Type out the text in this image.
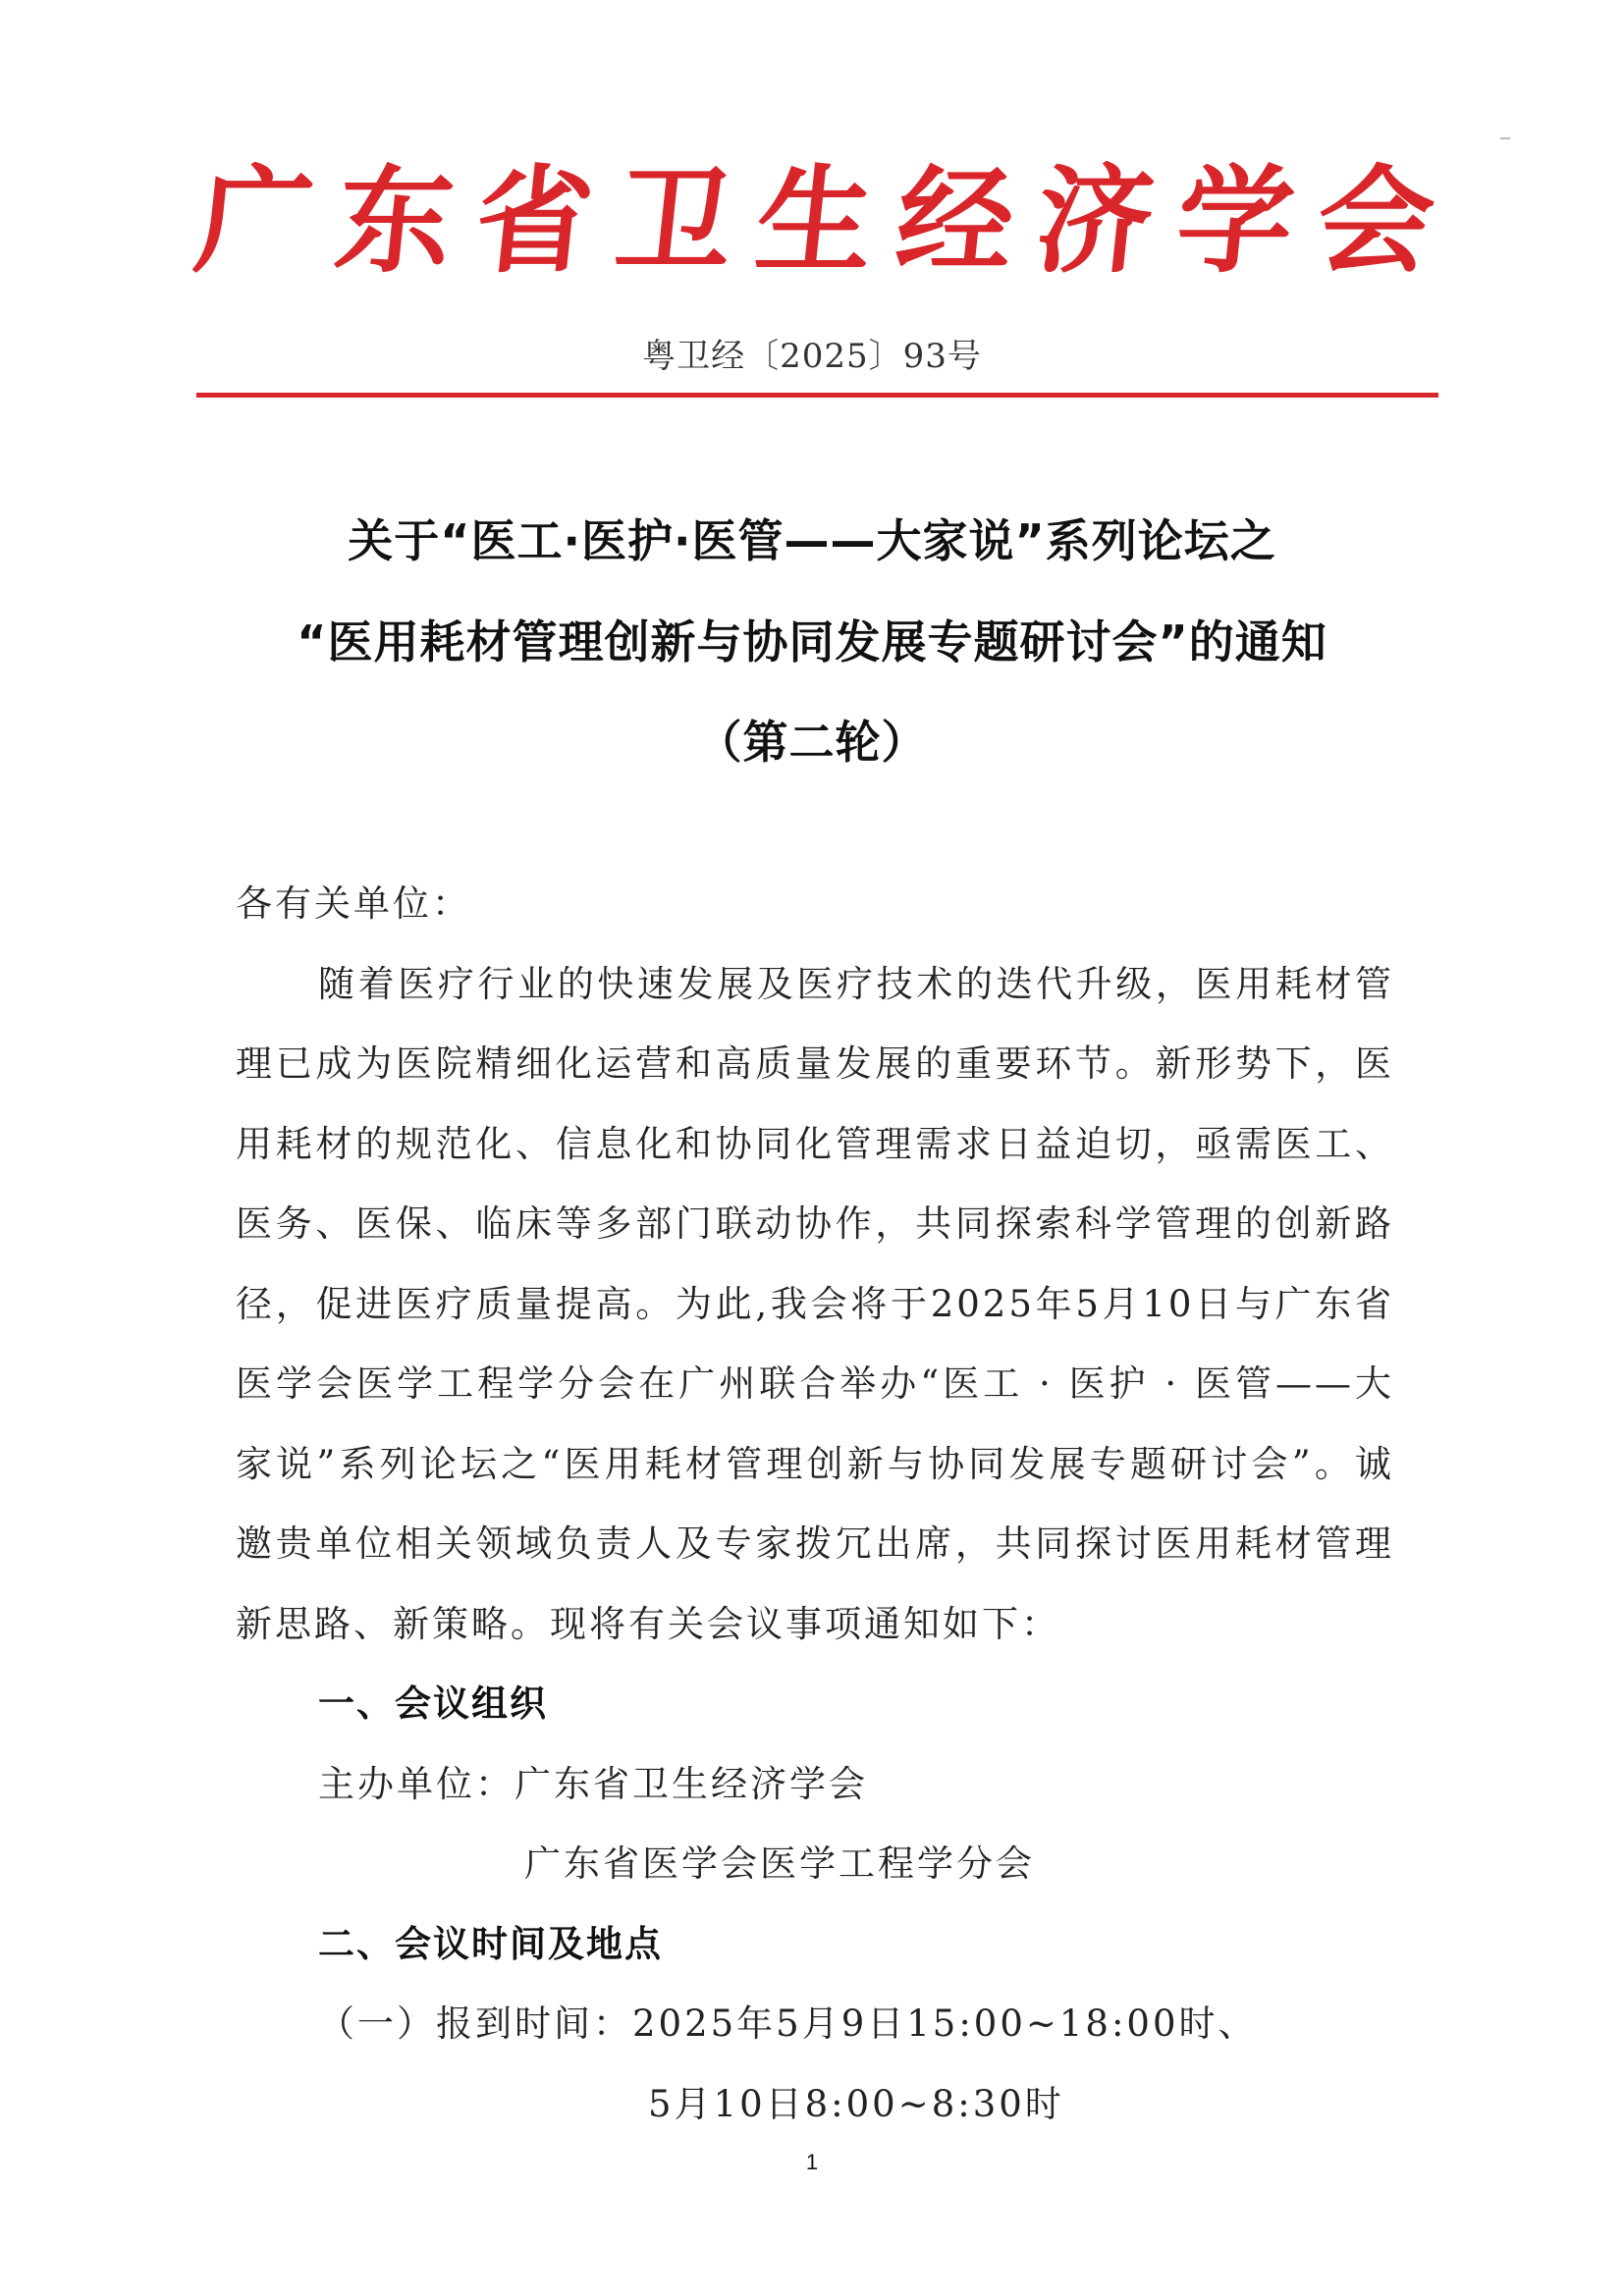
广 东 省 卫 生 经 济 学 会
粤卫经〔2025〕93号
关于“医工·医护·医管——大家说”系列论坛之
“医用耗材管理创新与协同发展专题研讨会”的通知
（第二轮）

各有关单位：

随着医疗行业的快速发展及医疗技术的迭代升级，医用耗材管理已成为医院精细化运营和高质量发展的重要环节。新形势下，医用耗材的规范化、信息化和协同化管理需求日益迫切，亟需医工、医务、医保、临床等多部门联动协作，共同探索科学管理的创新路径，促进医疗质量提高。为此,我会将于2025年5月10日与广东省医学会医学工程学分会在广州联合举办“医工 · 医护 · 医管——大家说”系列论坛之“医用耗材管理创新与协同发展专题研讨会”。诚邀贵单位相关领域负责人及专家拨冗出席，共同探讨医用耗材管理新思路、新策略。现将有关会议事项通知如下：

一、会议组织

主办单位：广东省卫生经济学会

广东省医学会医学工程学分会

二、会议时间及地点

（一）报到时间：2025年5月9日15:00~18:00时、

5月10日8:00~8:30时

1
